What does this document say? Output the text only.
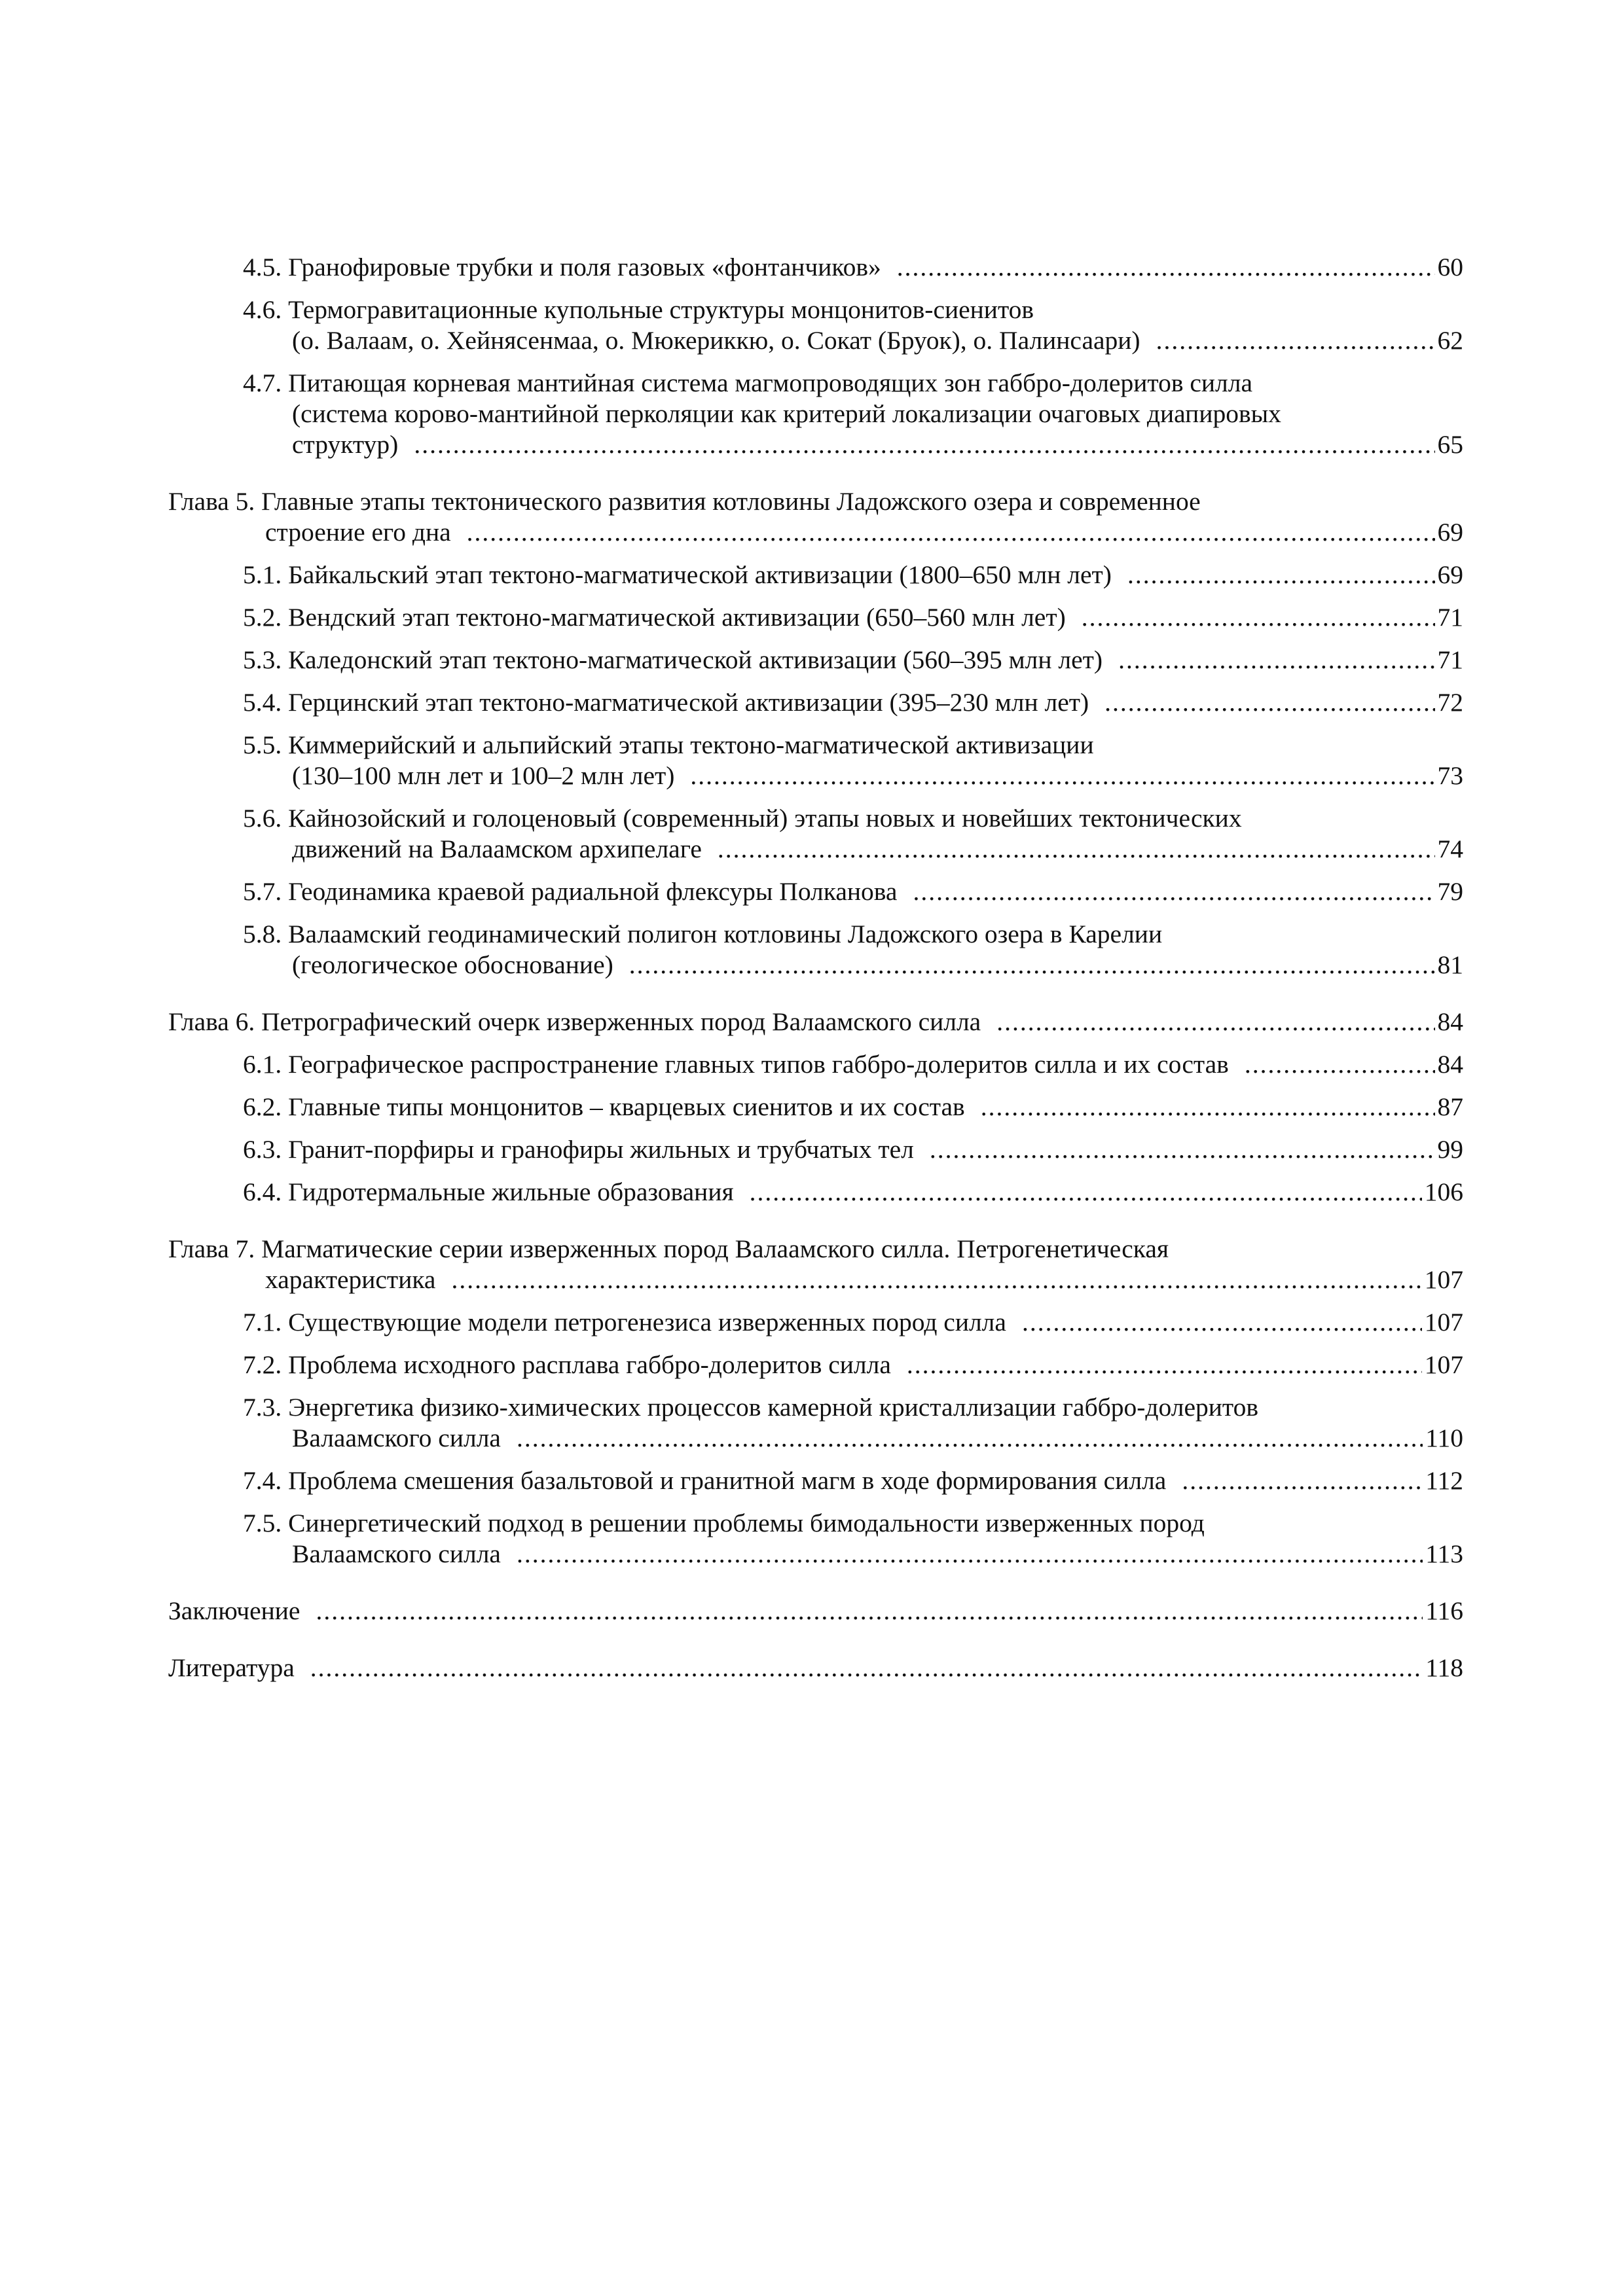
4.5. Гранофировые трубки и поля газовых «фонтанчиков» .....	60
4.6. Термогравитационные купольные структуры монцонитов-сиенитов
(о. Валаам, о. Хейнясенмаа, о. Мюкериккю, о. Сокат (Бруок), о. Палинсаари) .....	62
4.7. Питающая корневая мантийная система магмопроводящих зон габбро-долеритов силла
(система корово-мантийной перколяции как критерий локализации очаговых диапировых
структур) .....	65
Глава 5. Главные этапы тектонического развития котловины Ладожского озера и современное
строение его дна .....	69
5.1. Байкальский этап тектоно-магматической активизации (1800–650 млн лет) .....	69
5.2. Вендский этап тектоно-магматической активизации (650–560 млн лет) .....	71
5.3. Каледонский этап тектоно-магматической активизации (560–395 млн лет) .....	71
5.4. Герцинский этап тектоно-магматической активизации (395–230 млн лет) .....	72
5.5. Киммерийский и альпийский этапы тектоно-магматической активизации
(130–100 млн лет и 100–2 млн лет) .....	73
5.6. Кайнозойский и голоценовый (современный) этапы новых и новейших тектонических
движений на Валаамском архипелаге .....	74
5.7. Геодинамика краевой радиальной флексуры Полканова .....	79
5.8. Валаамский геодинамический полигон котловины Ладожского озера в Карелии
(геологическое обоснование) .....	81
Глава 6. Петрографический очерк изверженных пород Валаамского силла .....	84
6.1. Географическое распространение главных типов габбро-долеритов силла и их состав .....	84
6.2. Главные типы монцонитов – кварцевых сиенитов и их состав .....	87
6.3. Гранит-порфиры и гранофиры жильных и трубчатых тел .....	99
6.4. Гидротермальные жильные образования .....	106
Глава 7. Магматические серии изверженных пород Валаамского силла. Петрогенетическая
характеристика .....	107
7.1. Существующие модели петрогенезиса изверженных пород силла .....	107
7.2. Проблема исходного расплава габбро-долеритов силла .....	107
7.3. Энергетика физико-химических процессов камерной кристаллизации габбро-долеритов
Валаамского силла .....	110
7.4. Проблема смешения базальтовой и гранитной магм в ходе формирования силла .....	112
7.5. Синергетический подход в решении проблемы бимодальности изверженных пород
Валаамского силла .....	113
Заключение .....	116
Литература .....	118
